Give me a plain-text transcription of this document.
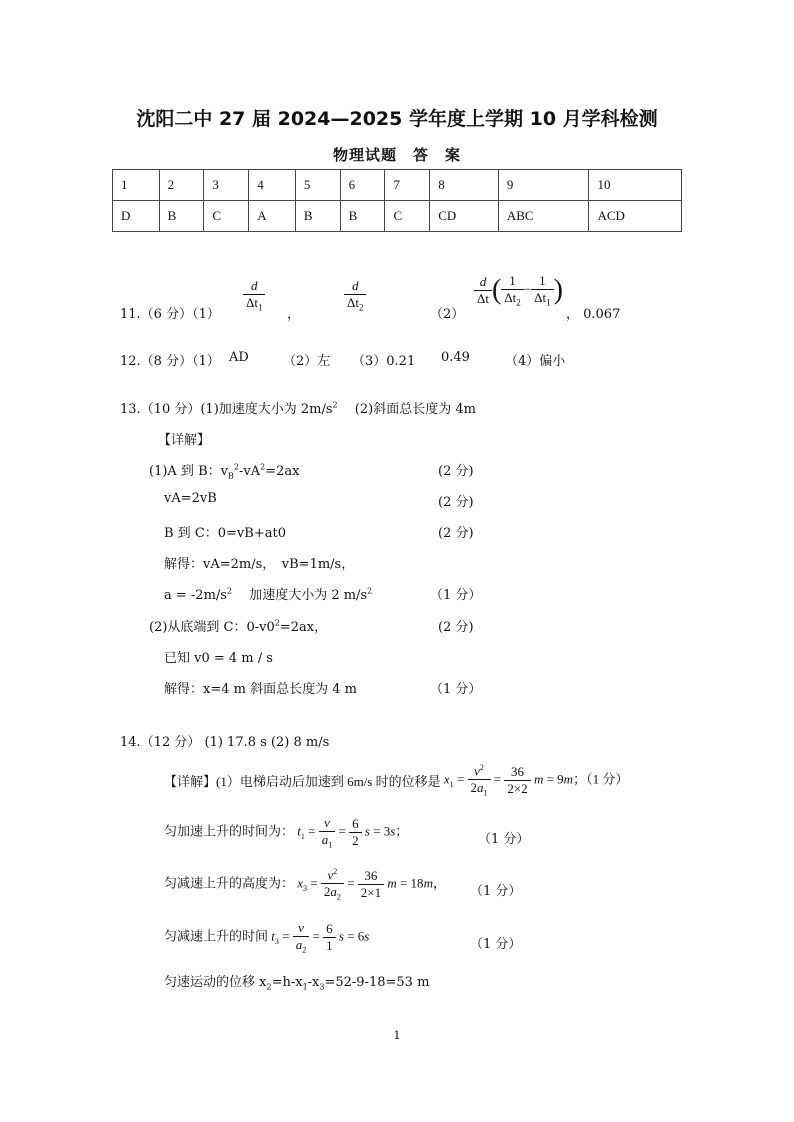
沈阳二中 27 届 2024—2025 学年度上学期 10 月学科检测
物理试题　答　案
1	2	3	4	5	6	7	8	9	10
D	B	C	A	B	B	C	CD	ABC	ACD
11.（6 分）（1）
$\frac{d}{\Delta t_1}$
，
$\frac{d}{\Delta t_2}$
（2）
$\frac{d}{\Delta t}$ ( $\frac{1}{\Delta t_2} - \frac{1}{\Delta t_1}$ )
， 0.067
12.（8 分）（1） AD	（2）左 （3）0.21 0.49	（4）偏小
13.（10 分）(1)加速度大小为 $2m/s^2$　 (2)斜面总长度为 4m
【详解】
(1)A 到 B：$v_B^2-vA^2=2ax$	(2 分)
vA=2vB	(2 分)
B 到 C：0=vB+at0	(2 分)
解得：vA=2m/s，　vB=1m/s，
$a = -2m/s^2$　 加速度大小为 2 $m/s^2$	（1 分）
(2)从底端到 C：$0-v0^2=2ax$，	(2 分)
已知 v0 = 4 m / s
解得：x=4 m 斜面总长度为 4 m	（1 分）
14.（12 分） (1) 17.8 s (2) 8 m/s
【详解】(1）电梯启动后加速到 6m/s 时的位移是 $x_1 = \frac{v^2}{2a_1} = \frac{36}{2\times 2}$ m = 9m；（1 分）
匀加速上升的时间为： $t_1 = \frac{v}{a_1} = \frac{6}{2}$ s = 3s；
（1 分）
匀减速上升的高度为： $x_3 = \frac{v^2}{2a_2} = \frac{36}{2\times 1}$ m = 18m，
（1 分）
匀减速上升的时间 $t_3 = \frac{v}{a_2} = \frac{6}{1}$ s = 6s
（1 分）
匀速运动的位移 $x_2=h-x_1-x_3=52-9-18=53$ m
1
